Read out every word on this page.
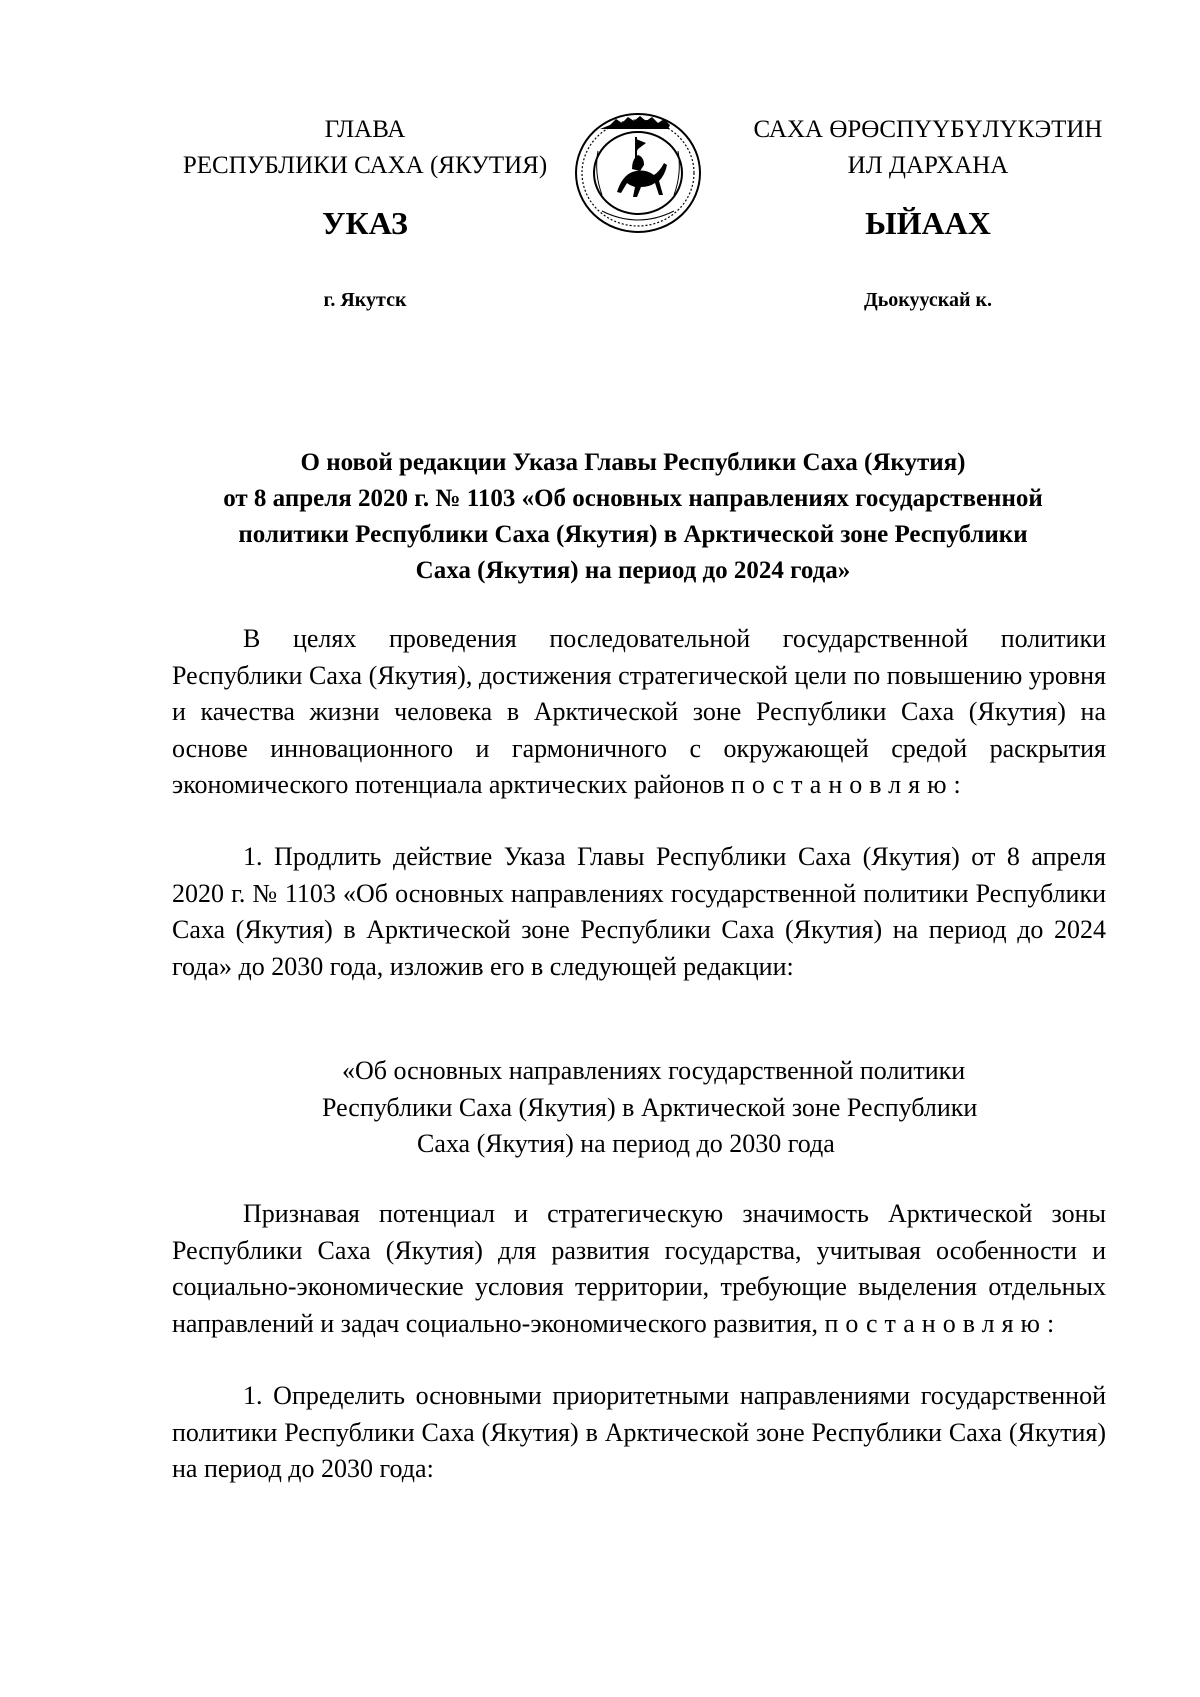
ГЛАВА
РЕСПУБЛИКИ САХА (ЯКУТИЯ)
САХА ӨРӨСПҮҮБҮЛҮКЭТИН
ИЛ ДАРХАНА
УКАЗ	ЫЙААХ
г. Якутск	Дьокуускай к.
О новой редакции Указа Главы Республики Саха (Якутия)
от 8 апреля 2020 г. № 1103 «Об основных направлениях государственной
политики Республики Саха (Якутия) в Арктической зоне Республики
Саха (Якутия) на период до 2024 года»

В целях проведения последовательной государственной политики Республики Саха (Якутия), достижения стратегической цели по повышению уровня и качества жизни человека в Арктической зоне Республики Саха (Якутия) на основе инновационного и гармоничного с окружающей средой раскрытия экономического потенциала арктических районов постановляю:

1. Продлить действие Указа Главы Республики Саха (Якутия) от 8 апреля 2020 г. № 1103 «Об основных направлениях государственной политики Республики Саха (Якутия) в Арктической зоне Республики Саха (Якутия) на период до 2024 года» до 2030 года, изложив его в следующей редакции:

«Об основных направлениях государственной политики
Республики Саха (Якутия) в Арктической зоне Республики
Саха (Якутия) на период до 2030 года

Признавая потенциал и стратегическую значимость Арктической зоны Республики Саха (Якутия) для развития государства, учитывая особенности и социально-экономические условия территории, требующие выделения отдельных направлений и задач социально-экономического развития, постановляю:

1. Определить основными приоритетными направлениями государственной политики Республики Саха (Якутия) в Арктической зоне Республики Саха (Якутия) на период до 2030 года:
